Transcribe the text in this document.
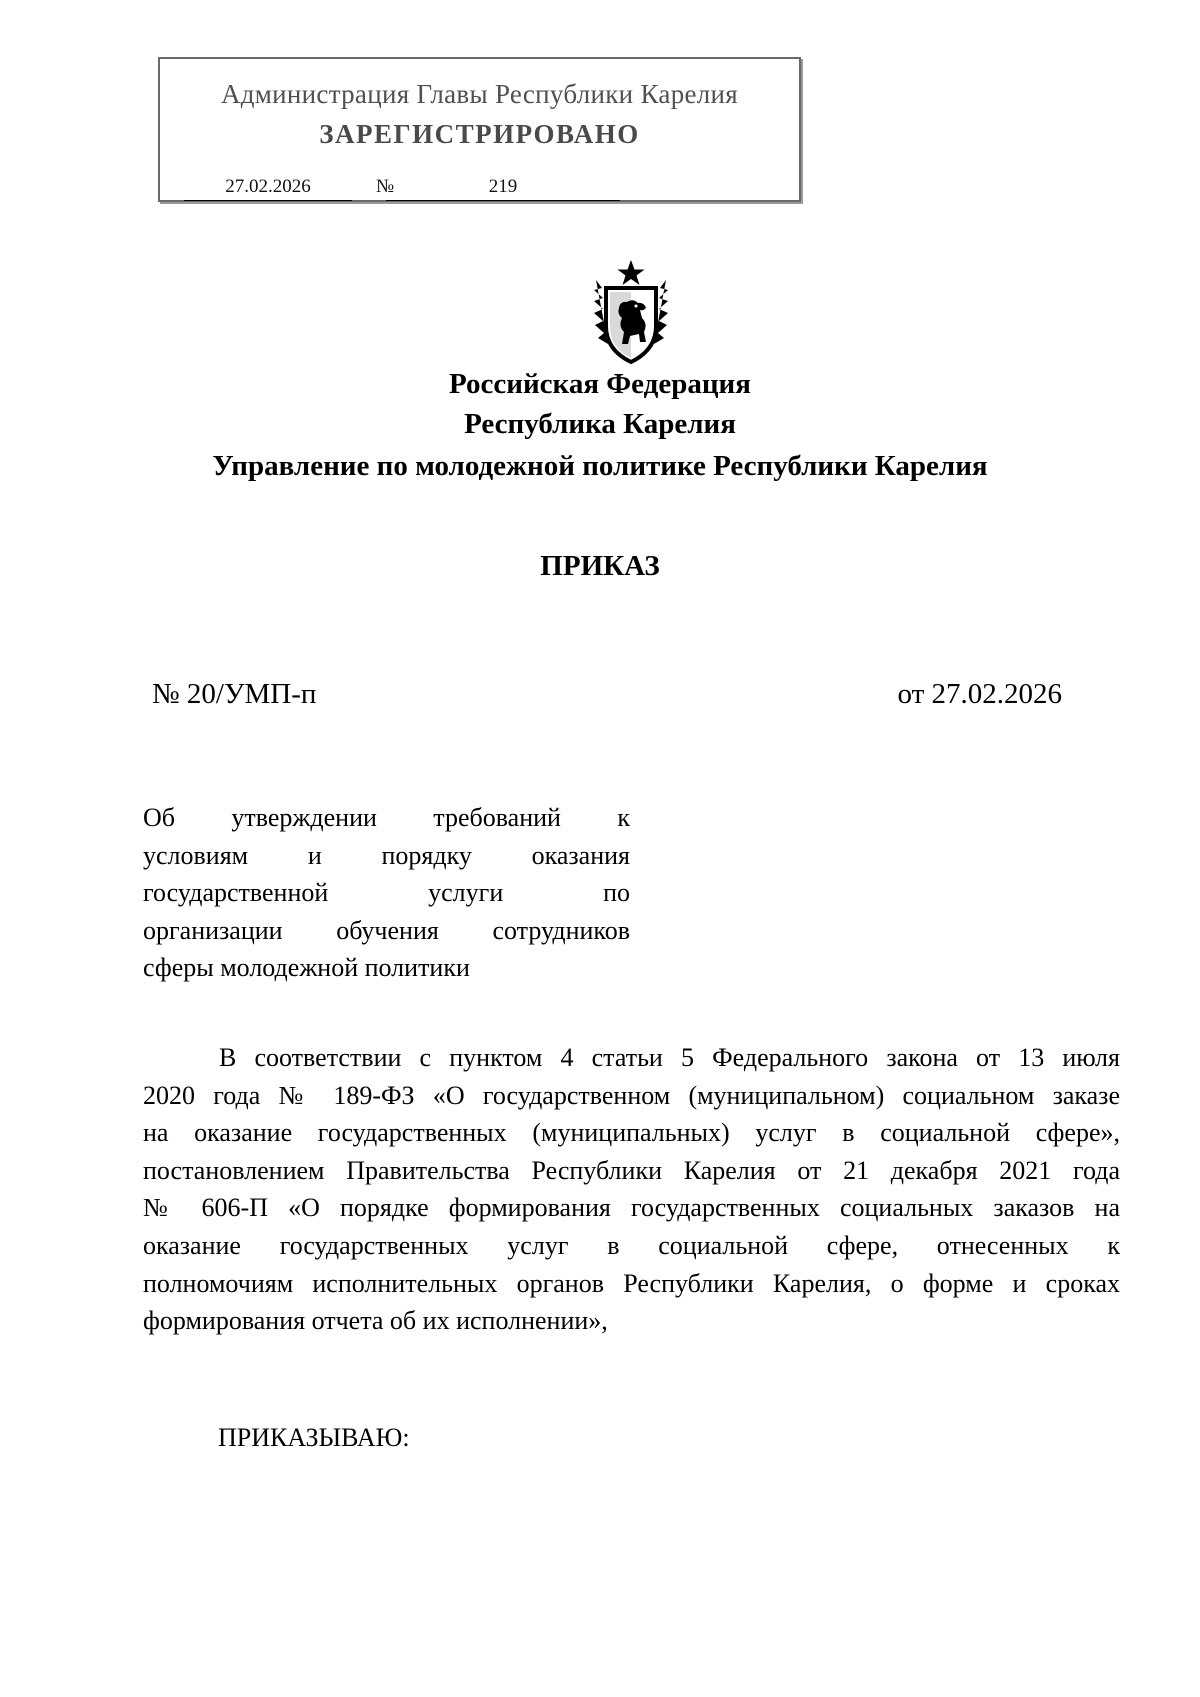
Администрация Главы Республики Карелия
ЗАРЕГИСТРИРОВАНО
27.02.2026	№	219
Российская Федерация
Республика Карелия
Управление по молодежной политике Республики Карелия
ПРИКАЗ
№ 20/УМП-п	от 27.02.2026
Об утверждении требований к
условиям и порядку оказания
государственной услуги по
организации обучения сотрудников
сферы молодежной политики
В соответствии с пунктом 4 статьи 5 Федерального закона от 13 июля
2020 года № 189-ФЗ «О государственном (муниципальном) социальном заказе
на оказание государственных (муниципальных) услуг в социальной сфере»,
постановлением Правительства Республики Карелия от 21 декабря 2021 года
№ 606-П «О порядке формирования государственных социальных заказов на
оказание государственных услуг в социальной сфере, отнесенных к
полномочиям исполнительных органов Республики Карелия, о форме и сроках
формирования отчета об их исполнении»,
ПРИКАЗЫВАЮ:
